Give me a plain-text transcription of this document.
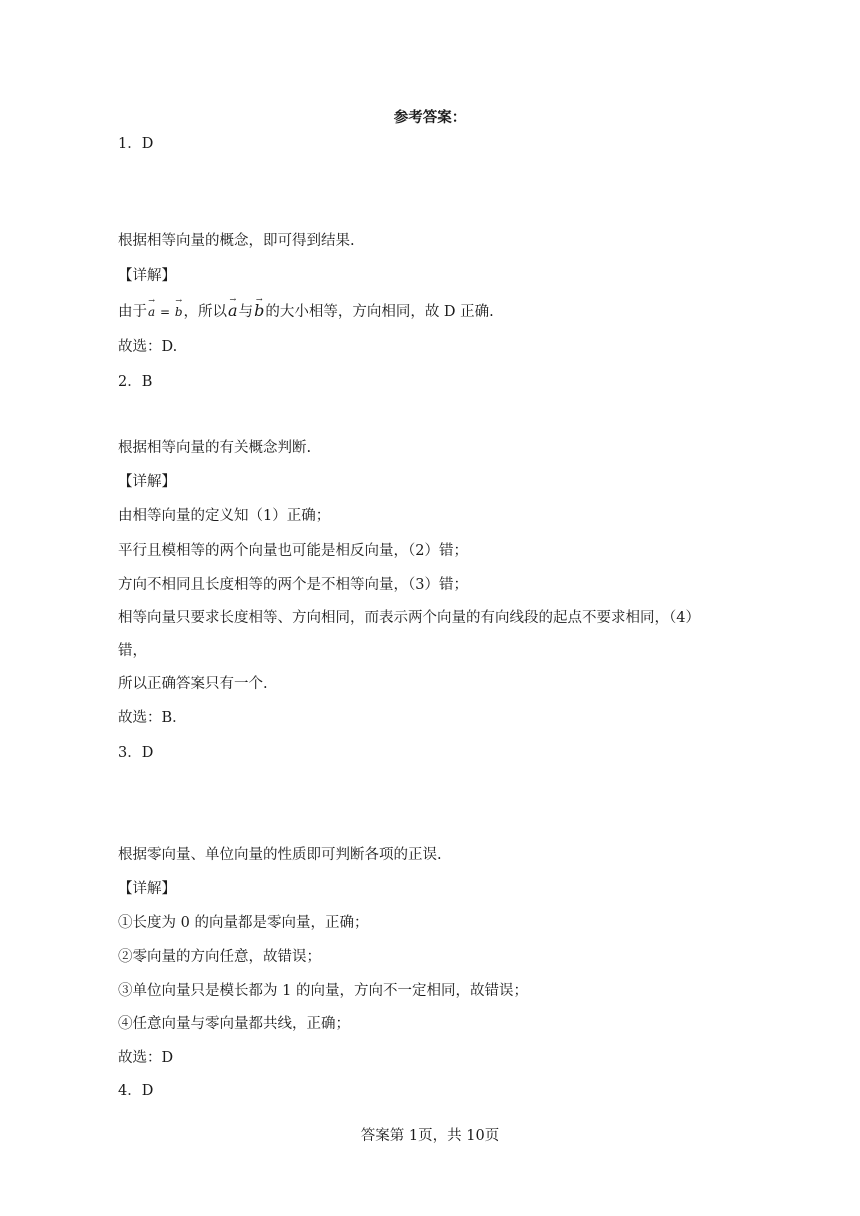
参考答案：
1．D
根据相等向量的概念，即可得到结果.
【详解】
由于→ a = → b，所以→ a与→ b的大小相等，方向相同，故 D 正确.
故选：D.
2．B
根据相等向量的有关概念判断.
【详解】
由相等向量的定义知（1）正确；
平行且模相等的两个向量也可能是相反向量，（2）错；
方向不相同且长度相等的两个是不相等向量，（3）错；
相等向量只要求长度相等、方向相同，而表示两个向量的有向线段的起点不要求相同，（4）
错，
所以正确答案只有一个.
故选：B．
3．D
根据零向量、单位向量的性质即可判断各项的正误.
【详解】
①长度为 0 的向量都是零向量，正确；
②零向量的方向任意，故错误；
③单位向量只是模长都为 1 的向量，方向不一定相同，故错误；
④任意向量与零向量都共线，正确；
故选：D
4．D
答案第 1页，共 10页
